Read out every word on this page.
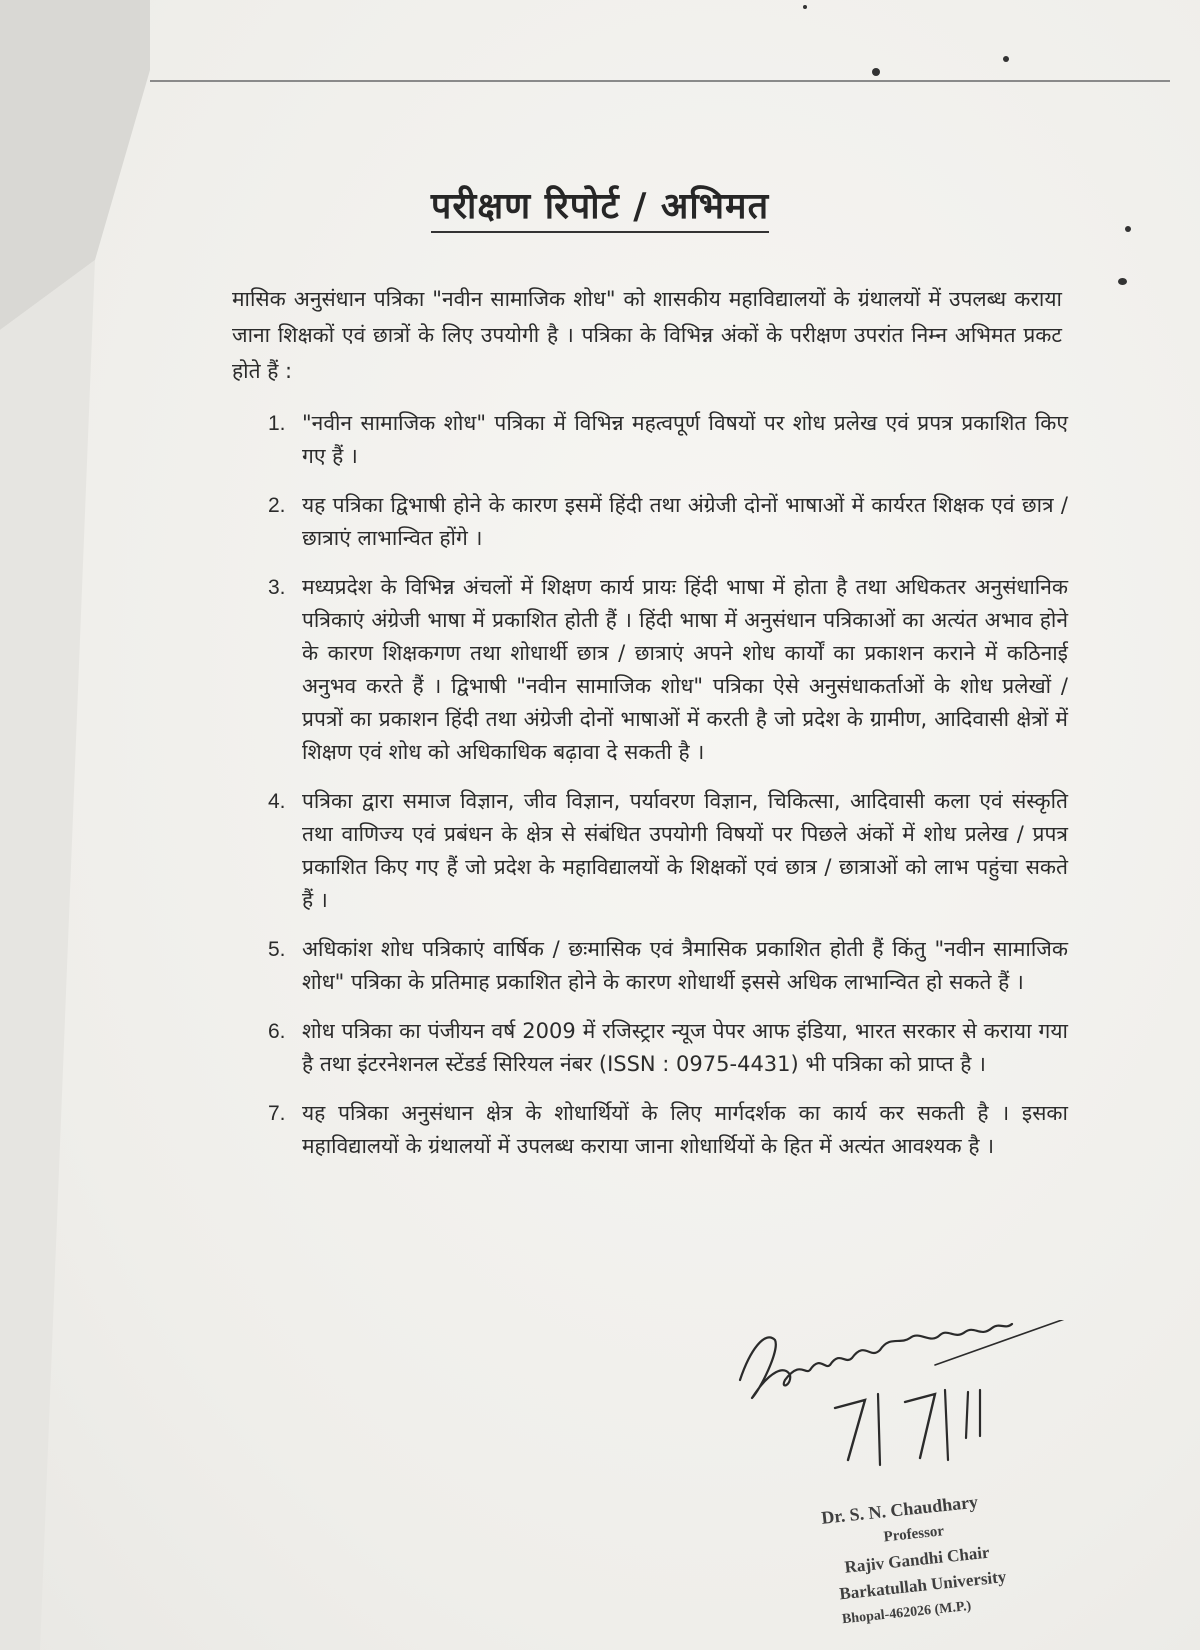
परीक्षण रिपोर्ट / अभिमत

मासिक अनुसंधान पत्रिका "नवीन सामाजिक शोध" को शासकीय महाविद्यालयों के ग्रंथालयों में उपलब्ध कराया जाना शिक्षकों एवं छात्रों के लिए उपयोगी है । पत्रिका के विभिन्न अंकों के परीक्षण उपरांत निम्न अभिमत प्रकट होते हैं :

1. "नवीन सामाजिक शोध" पत्रिका में विभिन्न महत्वपूर्ण विषयों पर शोध प्रलेख एवं प्रपत्र प्रकाशित किए गए हैं ।
2. यह पत्रिका द्विभाषी होने के कारण इसमें हिंदी तथा अंग्रेजी दोनों भाषाओं में कार्यरत शिक्षक एवं छात्र / छात्राएं लाभान्वित होंगे ।
3. मध्यप्रदेश के विभिन्न अंचलों में शिक्षण कार्य प्रायः हिंदी भाषा में होता है तथा अधिकतर अनुसंधानिक पत्रिकाएं अंग्रेजी भाषा में प्रकाशित होती हैं । हिंदी भाषा में अनुसंधान पत्रिकाओं का अत्यंत अभाव होने के कारण शिक्षकगण तथा शोधार्थी छात्र / छात्राएं अपने शोध कार्यों का प्रकाशन कराने में कठिनाई अनुभव करते हैं । द्विभाषी "नवीन सामाजिक शोध" पत्रिका ऐसे अनुसंधाकर्ताओं के शोध प्रलेखों / प्रपत्रों का प्रकाशन हिंदी तथा अंग्रेजी दोनों भाषाओं में करती है जो प्रदेश के ग्रामीण, आदिवासी क्षेत्रों में शिक्षण एवं शोध को अधिकाधिक बढ़ावा दे सकती है ।
4. पत्रिका द्वारा समाज विज्ञान, जीव विज्ञान, पर्यावरण विज्ञान, चिकित्सा, आदिवासी कला एवं संस्कृति तथा वाणिज्य एवं प्रबंधन के क्षेत्र से संबंधित उपयोगी विषयों पर पिछले अंकों में शोध प्रलेख / प्रपत्र प्रकाशित किए गए हैं जो प्रदेश के महाविद्यालयों के शिक्षकों एवं छात्र / छात्राओं को लाभ पहुंचा सकते हैं ।
5. अधिकांश शोध पत्रिकाएं वार्षिक / छःमासिक एवं त्रैमासिक प्रकाशित होती हैं किंतु "नवीन सामाजिक शोध" पत्रिका के प्रतिमाह प्रकाशित होने के कारण शोधार्थी इससे अधिक लाभान्वित हो सकते हैं ।
6. शोध पत्रिका का पंजीयन वर्ष 2009 में रजिस्ट्रार न्यूज पेपर आफ इंडिया, भारत सरकार से कराया गया है तथा इंटरनेशनल स्टेंडर्ड सिरियल नंबर (ISSN : 0975-4431) भी पत्रिका को प्राप्त है ।
7. यह पत्रिका अनुसंधान क्षेत्र के शोधार्थियों के लिए मार्गदर्शक का कार्य कर सकती है । इसका महाविद्यालयों के ग्रंथालयों में उपलब्ध कराया जाना शोधार्थियों के हित में अत्यंत आवश्यक है ।
Dr. S. N. Chaudhary
Professor
Rajiv Gandhi Chair
Barkatullah University
Bhopal-462026 (M.P.)
